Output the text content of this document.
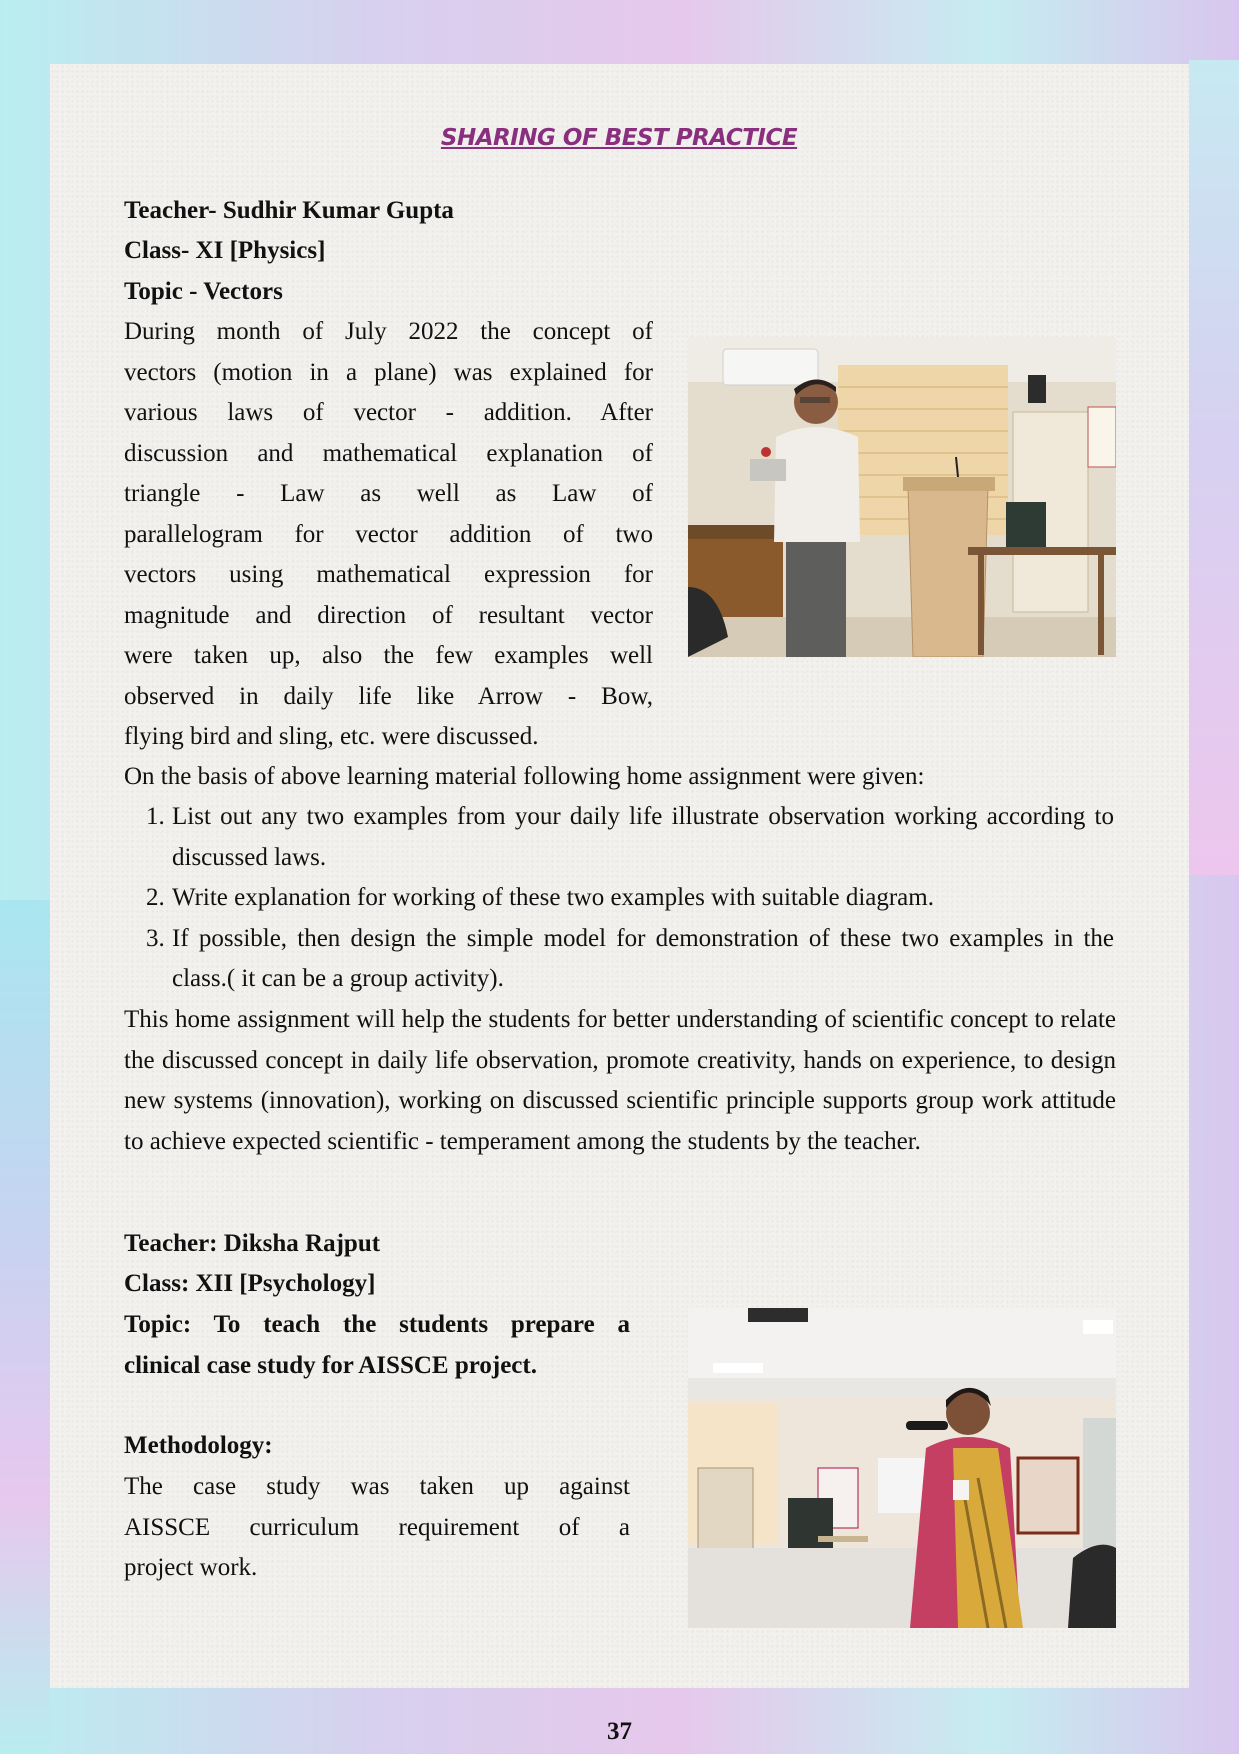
SHARING OF BEST PRACTICE

Teacher- Sudhir Kumar Gupta

Class- XI [Physics]

Topic - Vectors

During month of July 2022 the concept of
vectors (motion in a plane) was explained for
various laws of vector - addition. After
discussion and mathematical explanation of
triangle - Law as well as Law of
parallelogram for vector addition of two
vectors using mathematical expression for
magnitude and direction of resultant vector
were taken up, also the few examples well
observed in daily life like Arrow - Bow,
flying bird and sling, etc. were discussed.

On the basis of above learning material following home assignment were given:

1. List out any two examples from your daily life illustrate observation working according to discussed laws.
2. Write explanation for working of these two examples with suitable diagram.
3. If possible, then design the simple model for demonstration of these two examples in the class.( it can be a group activity).

This home assignment will help the students for better understanding of scientific concept to relate the discussed concept in daily life observation, promote creativity, hands on experience, to design new systems (innovation), working on discussed scientific principle supports group work attitude to achieve expected scientific - temperament among the students by the teacher.

Teacher: Diksha Rajput

Class: XII [Psychology]

Topic: To teach the students prepare a
clinical case study for AISSCE project.

Methodology:

The case study was taken up against
AISSCE curriculum requirement of a
project work.
37
